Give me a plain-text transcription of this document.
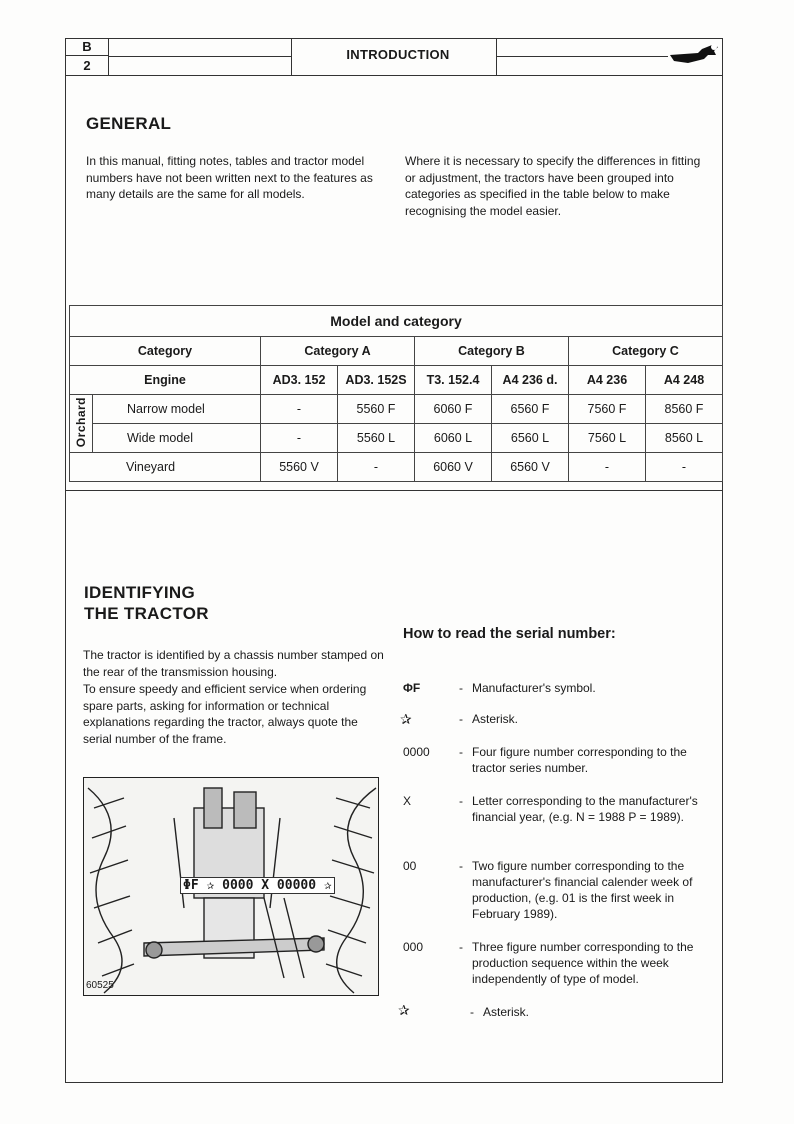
B
2
INTRODUCTION
GENERAL

In this manual, fitting notes, tables and tractor model numbers have not been written next to the features as many details are the same for all models.

Where it is necessary to specify the differences in fitting or adjustment, the tractors have been grouped into categories as specified in the table below to make recognising the model easier.

Model and category							
Category		Category A		Category B		Category C	
Engine		AD3. 152	AD3. 152S	T3. 152.4	A4 236 d.	A4 236	A4 248
Orchard	Narrow model	-	5560 F	6060 F	6560 F	7560 F	8560 F
	Wide model	-	5560 L	6060 L	6560 L	7560 L	8560 L
Vineyard		5560 V	-	6060 V	6560 V	-	-
IDENTIFYING
THE TRACTOR

The tractor is identified by a chassis number stamped on the rear of the transmission housing.

To ensure speedy and efficient service when ordering spare parts, asking for information or technical explanations regarding the tractor, always quote the serial number of the frame.

ΦF ✰ 0000 X 00000 ✰
60525
How to read the serial number:
ΦF	- Manufacturer's symbol.
✰	- Asterisk.
0000	- Four figure number corresponding to the tractor series number.
X	- Letter corresponding to the manufacturer's financial year, (e.g. N = 1988 P = 1989).
00	- Two figure number corresponding to the manufacturer's financial calender week of production, (e.g. 01 is the first week in February 1989).
000	- Three figure number corresponding to the production sequence within the week independently of type of model.
✰	- Asterisk.
